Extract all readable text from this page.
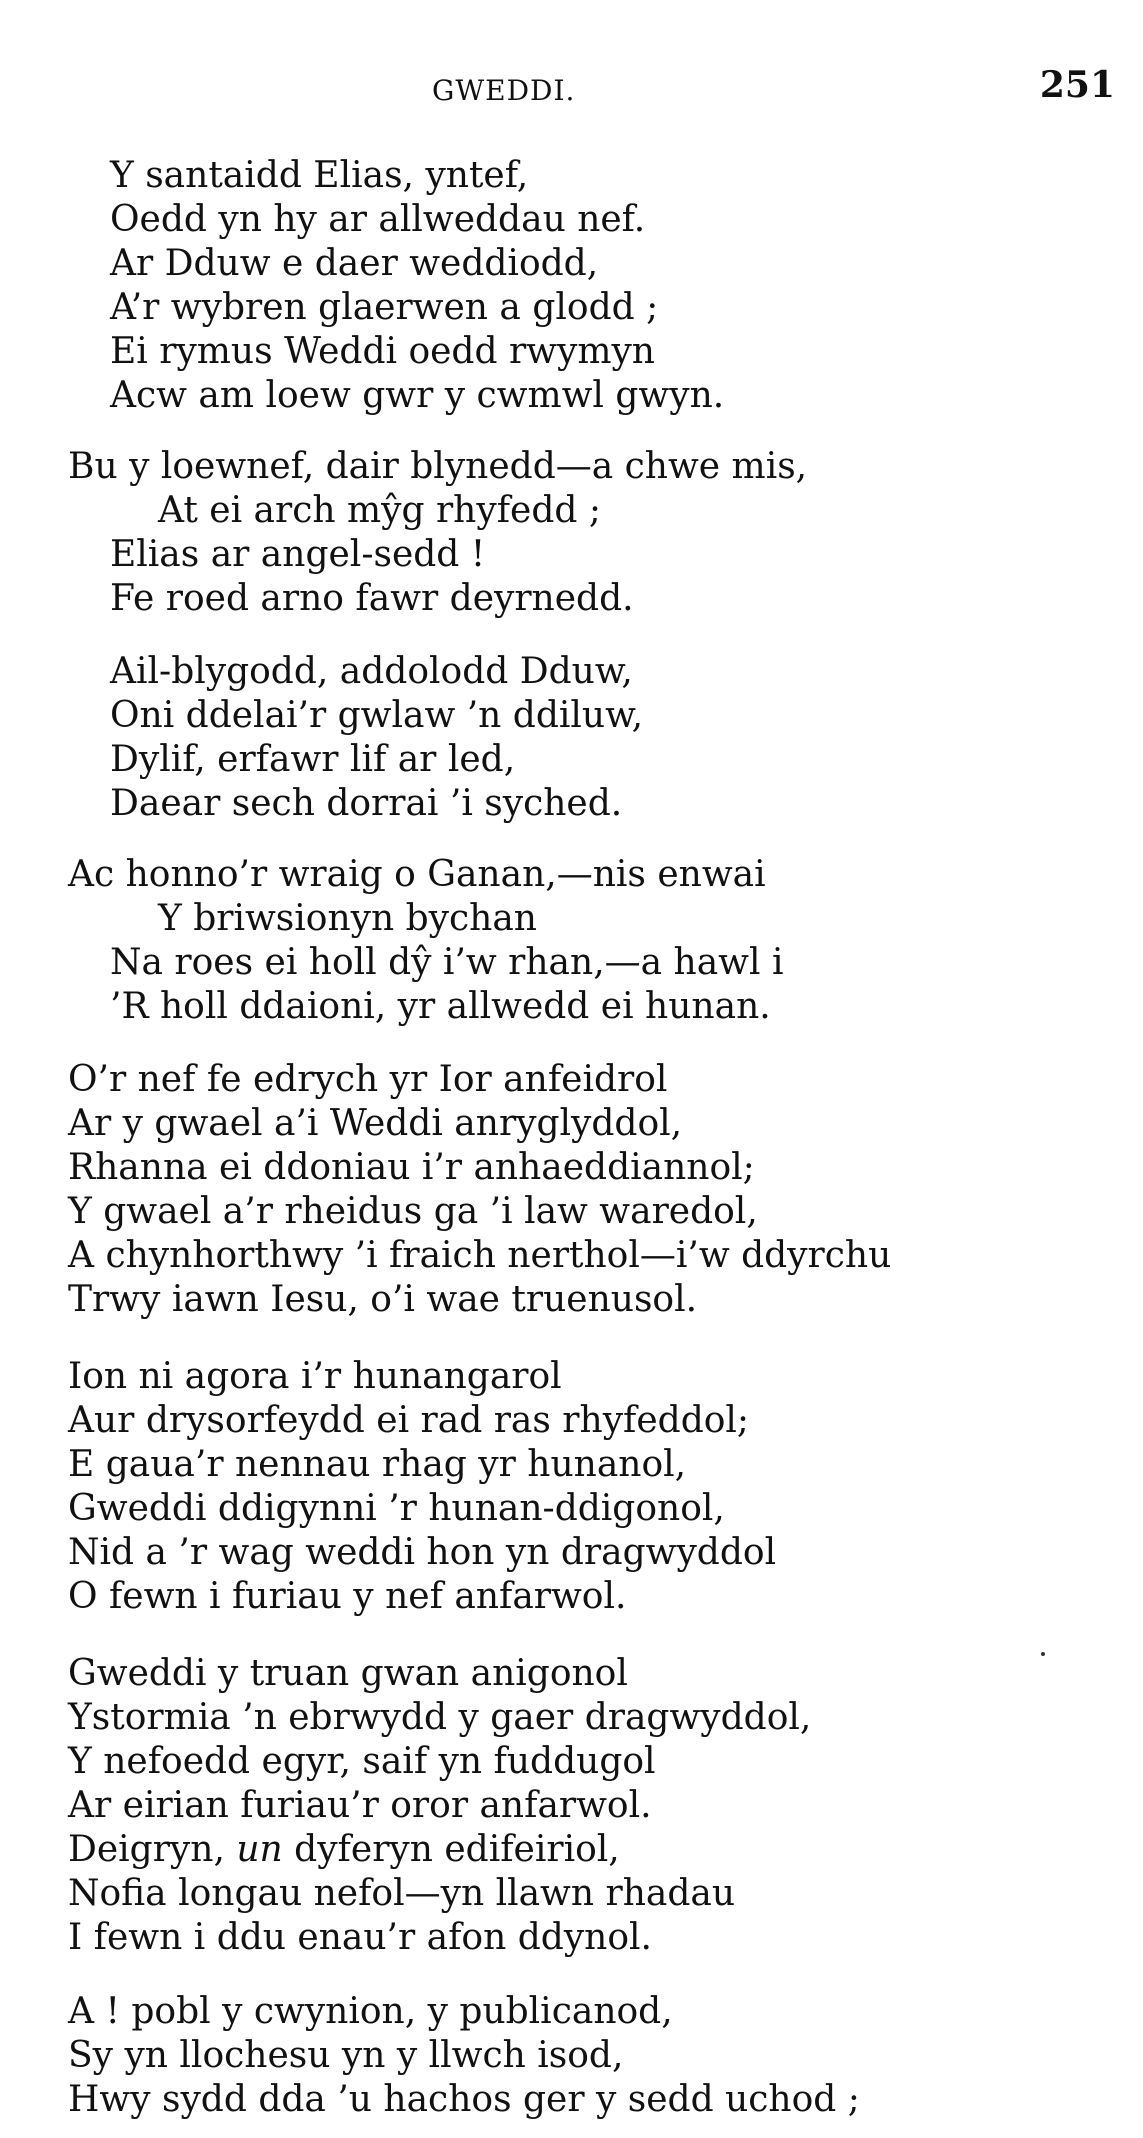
GWEDDI.	251
Y santaidd Elias, yntef,
Oedd yn hy ar allweddau nef.
Ar Dduw e daer weddiodd,
A’r wybren glaerwen a glodd ;
Ei rymus Weddi oedd rwymyn
Acw am loew gwr y cwmwl gwyn.
Bu y loewnef, dair blynedd—a chwe mis,
At ei arch mŷg rhyfedd ;
Elias ar angel-sedd !
Fe roed arno fawr deyrnedd.
Ail-blygodd, addolodd Dduw,
Oni ddelai’r gwlaw ’n ddiluw,
Dylif, erfawr lif ar led,
Daear sech dorrai ’i syched.
Ac honno’r wraig o Ganan,—nis enwai
Y briwsionyn bychan
Na roes ei holl dŷ i’w rhan,—a hawl i
’R holl ddaioni, yr allwedd ei hunan.
O’r nef fe edrych yr Ior anfeidrol
Ar y gwael a’i Weddi anryglyddol,
Rhanna ei ddoniau i’r anhaeddiannol;
Y gwael a’r rheidus ga ’i law waredol,
A chynhorthwy ’i fraich nerthol—i’w ddyrchu
Trwy iawn Iesu, o’i wae truenusol.
Ion ni agora i’r hunangarol
Aur drysorfeydd ei rad ras rhyfeddol;
E gaua’r nennau rhag yr hunanol,
Gweddi ddigynni ’r hunan-ddigonol,
Nid a ’r wag weddi hon yn dragwyddol
O fewn i furiau y nef anfarwol.
Gweddi y truan gwan anigonol
Ystormia ’n ebrwydd y gaer dragwyddol,
Y nefoedd egyr, saif yn fuddugol
Ar eirian furiau’r oror anfarwol.
Deigryn, un dyferyn edifeiriol,
Nofia longau nefol—yn llawn rhadau
I fewn i ddu enau’r afon ddynol.
A ! pobl y cwynion, y publicanod,
Sy yn llochesu yn y llwch isod,
Hwy sydd dda ’u hachos ger y sedd uchod ;
